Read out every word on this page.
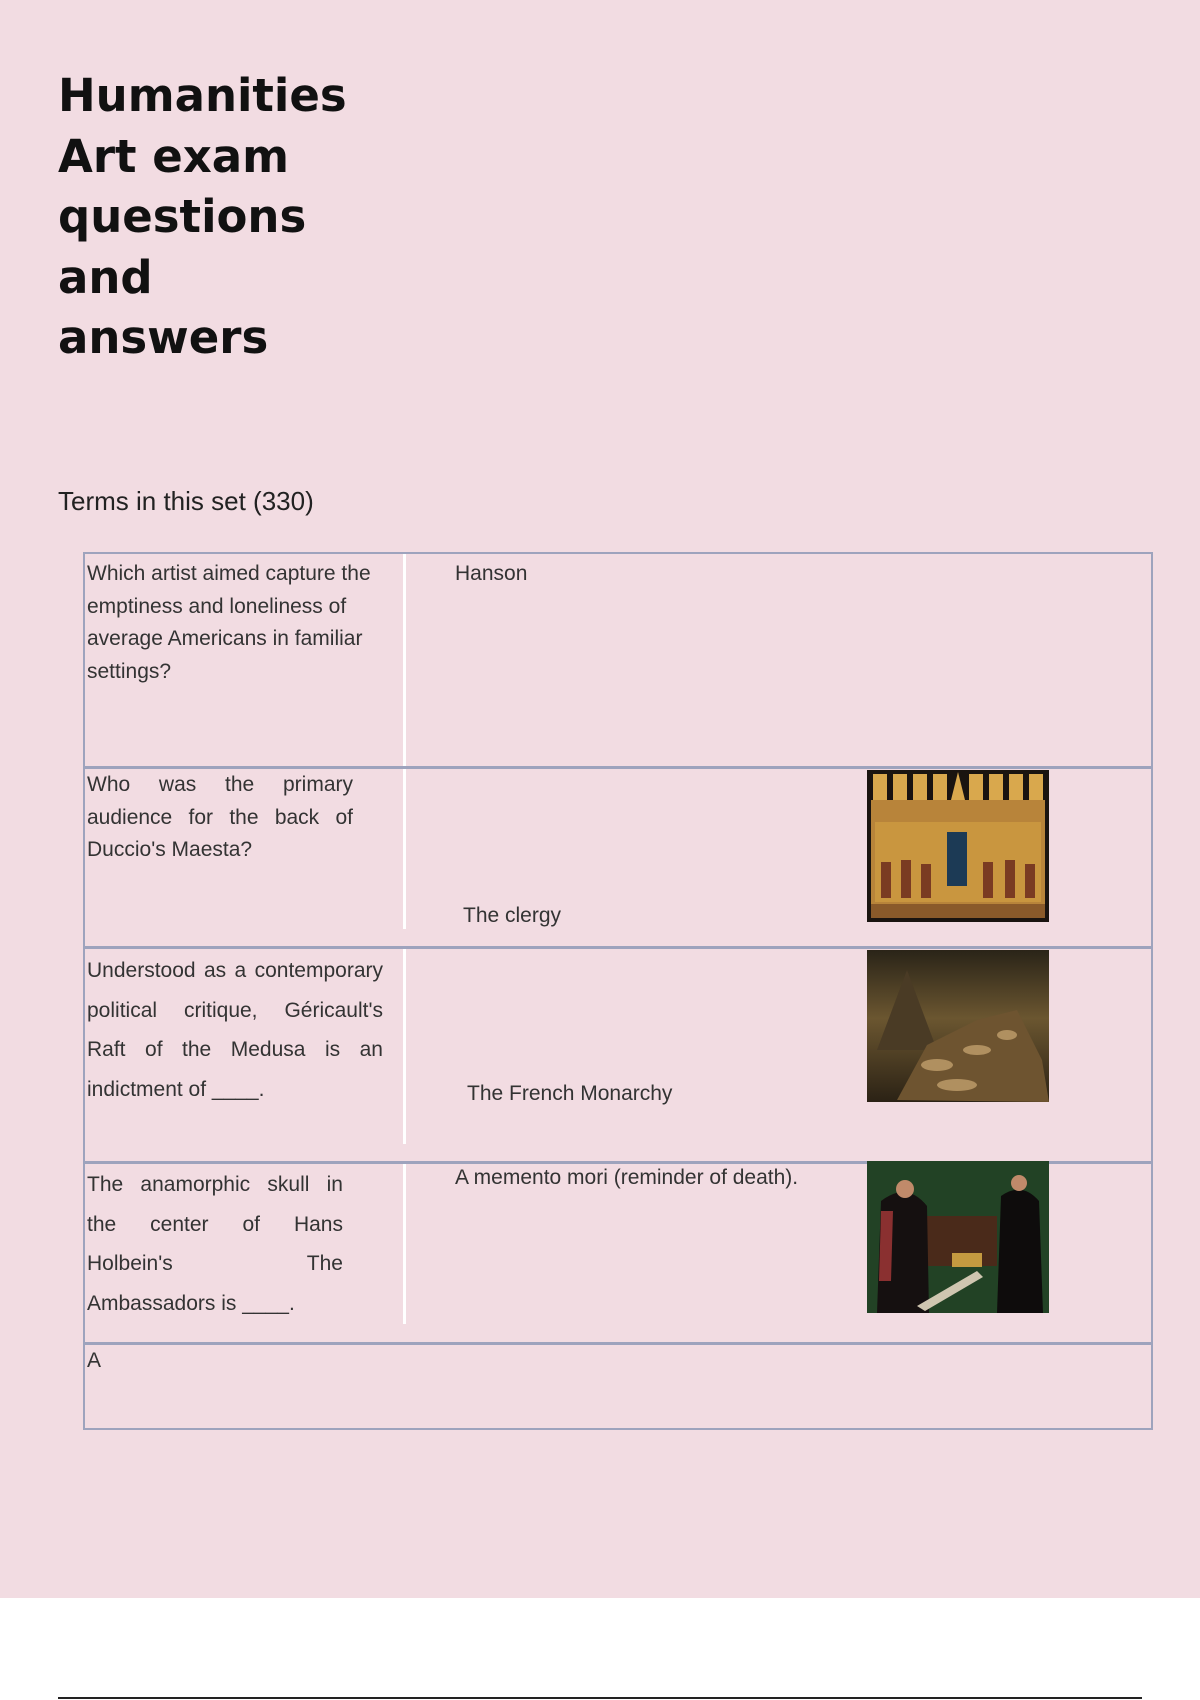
Humanities
Art exam
questions
and
answers
Terms in this set (330)
Which artist aimed capture the emptiness and loneliness of average Americans in familiar settings?
Hanson
Who was the primary audience for the back of Duccio's Maesta?
The clergy
Understood as a contemporary political critique, Géricault's Raft of the Medusa is an indictment of ____.	The French Monarchy
The anamorphic skull in the center of Hans Holbein's The Ambassadors is ____.
A memento mori (reminder of death).
A
